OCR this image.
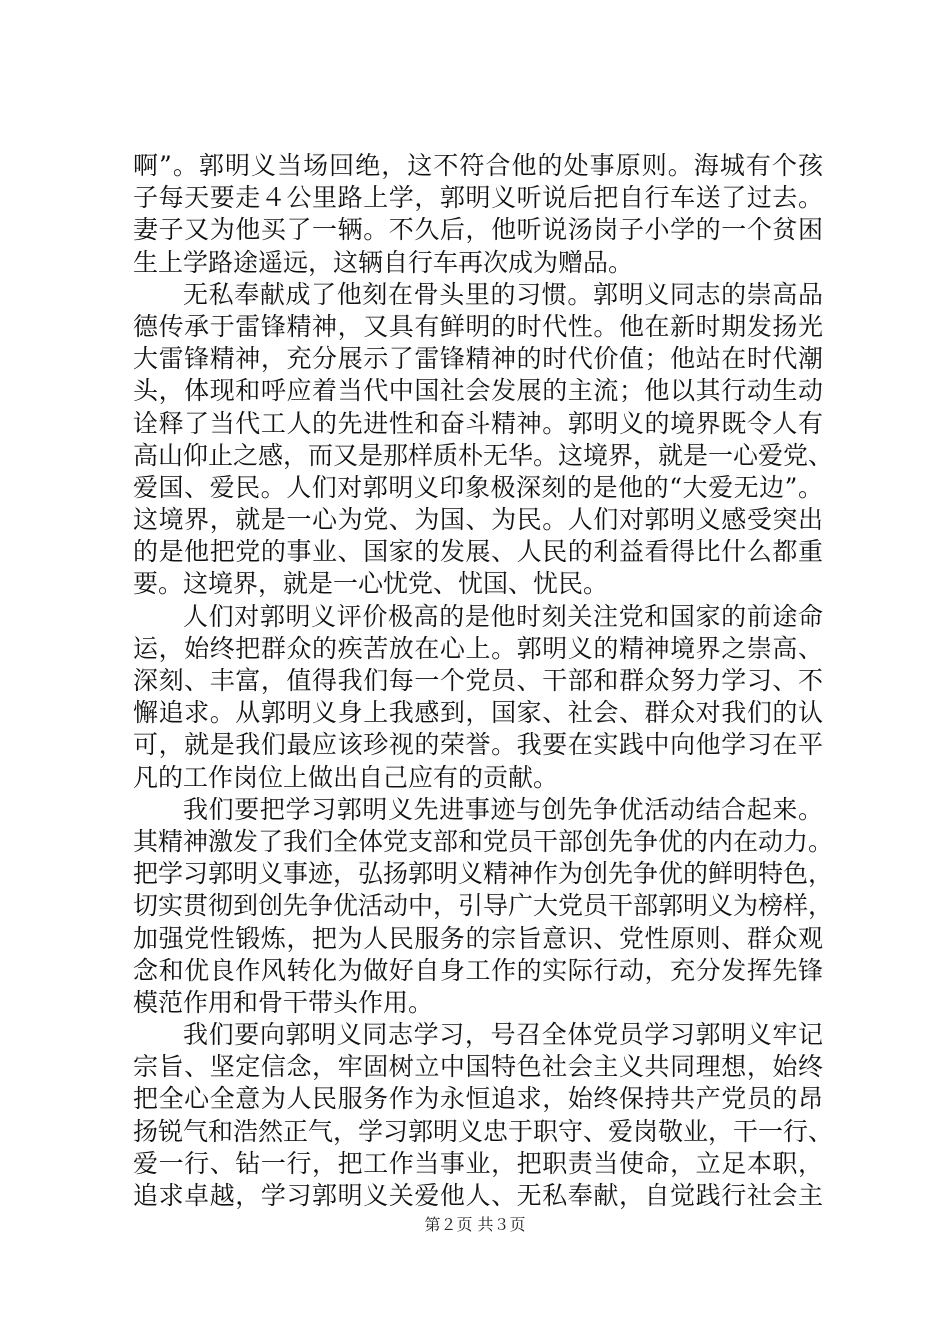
啊”。郭明义当场回绝，这不符合他的处事原则。海城有个孩
子每天要走４公里路上学，郭明义听说后把自行车送了过去。
妻子又为他买了一辆。不久后，他听说汤岗子小学的一个贫困
生上学路途遥远，这辆自行车再次成为赠品。
无私奉献成了他刻在骨头里的习惯。郭明义同志的崇高品
德传承于雷锋精神，又具有鲜明的时代性。他在新时期发扬光
大雷锋精神，充分展示了雷锋精神的时代价值；他站在时代潮
头，体现和呼应着当代中国社会发展的主流；他以其行动生动
诠释了当代工人的先进性和奋斗精神。郭明义的境界既令人有
高山仰止之感，而又是那样质朴无华。这境界，就是一心爱党、
爱国、爱民。人们对郭明义印象极深刻的是他的“大爱无边”。
这境界，就是一心为党、为国、为民。人们对郭明义感受突出
的是他把党的事业、国家的发展、人民的利益看得比什么都重
要。这境界，就是一心忧党、忧国、忧民。
人们对郭明义评价极高的是他时刻关注党和国家的前途命
运，始终把群众的疾苦放在心上。郭明义的精神境界之崇高、
深刻、丰富，值得我们每一个党员、干部和群众努力学习、不
懈追求。从郭明义身上我感到，国家、社会、群众对我们的认
可，就是我们最应该珍视的荣誉。我要在实践中向他学习在平
凡的工作岗位上做出自己应有的贡献。
我们要把学习郭明义先进事迹与创先争优活动结合起来。
其精神激发了我们全体党支部和党员干部创先争优的内在动力。
把学习郭明义事迹，弘扬郭明义精神作为创先争优的鲜明特色，
切实贯彻到创先争优活动中，引导广大党员干部郭明义为榜样，
加强党性锻炼，把为人民服务的宗旨意识、党性原则、群众观
念和优良作风转化为做好自身工作的实际行动，充分发挥先锋
模范作用和骨干带头作用。
我们要向郭明义同志学习，号召全体党员学习郭明义牢记
宗旨、坚定信念，牢固树立中国特色社会主义共同理想，始终
把全心全意为人民服务作为永恒追求，始终保持共产党员的昂
扬锐气和浩然正气，学习郭明义忠于职守、爱岗敬业，干一行、
爱一行、钻一行，把工作当事业，把职责当使命，立足本职，
追求卓越，学习郭明义关爱他人、无私奉献，自觉践行社会主
第２页 共３页
